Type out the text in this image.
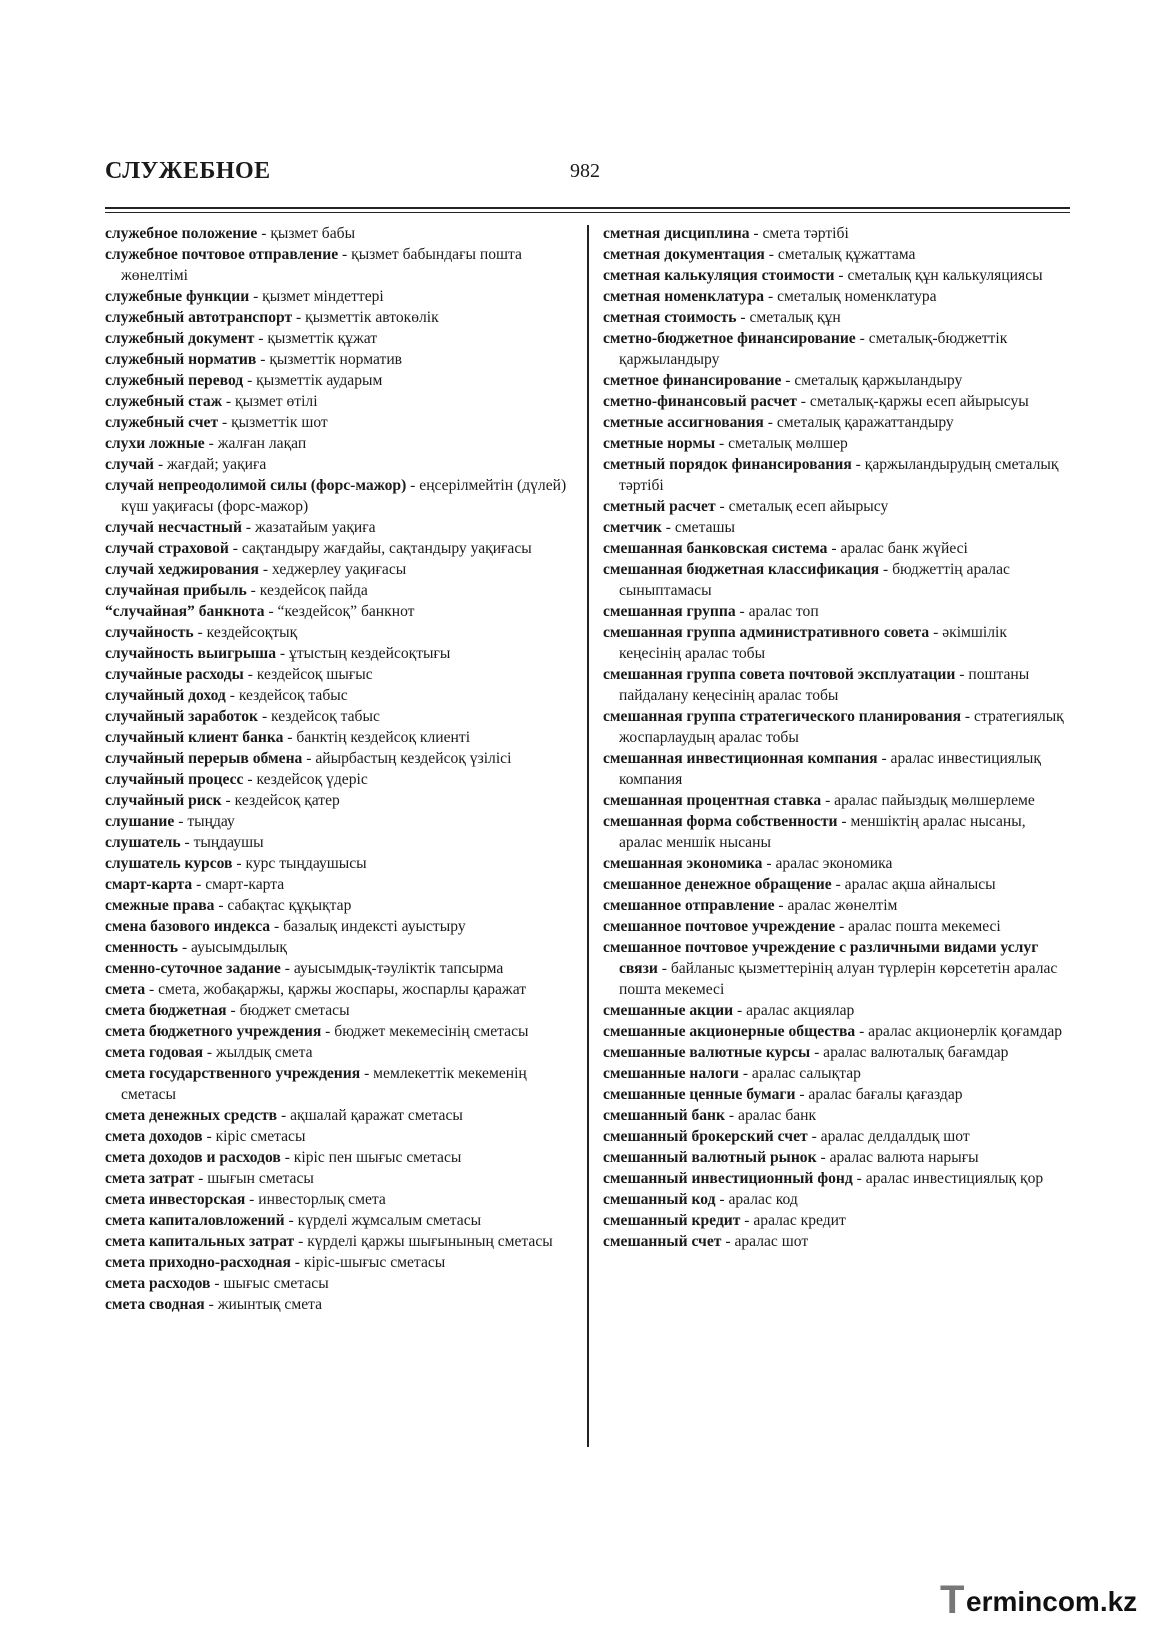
СЛУЖЕБНОЕ	982

служебное положение - қызмет бабы

служебное почтовое отправление - қызмет бабындағы пошта жөнелтімі

служебные функции - қызмет міндеттері

служебный автотранспорт - қызметтік автокөлік

служебный документ - қызметтік құжат

служебный норматив - қызметтік норматив

служебный перевод - қызметтік аударым

служебный стаж - қызмет өтілі

служебный счет - қызметтік шот

слухи ложные - жалған лақап

случай - жағдай; уақиға

случай непреодолимой силы (форс-мажор) - еңсерілмейтін (дүлей) күш уақиғасы (форс-мажор)

случай несчастный - жазатайым уақиға

случай страховой - сақтандыру жағдайы, сақтандыру уақиғасы

случай хеджирования - хеджерлеу уақиғасы

случайная прибыль - кездейсоқ пайда

“случайная” банкнота - “кездейсоқ” банкнот

случайность - кездейсоқтық

случайность выигрыша - ұтыстың кездейсоқтығы

случайные расходы - кездейсоқ шығыс

случайный доход - кездейсоқ табыс

случайный заработок - кездейсоқ табыс

случайный клиент банка - банктің кездейсоқ клиенті

случайный перерыв обмена - айырбастың кездейсоқ үзілісі

случайный процесс - кездейсоқ үдеріс

случайный риск - кездейсоқ қатер

слушание - тыңдау

слушатель - тыңдаушы

слушатель курсов - курс тыңдаушысы

смарт-карта - смарт-карта

смежные права - сабақтас құқықтар

смена базового индекса - базалық индексті ауыстыру

сменность - ауысымдылық

сменно-суточное задание - ауысымдық-тәуліктік тапсырма

смета - смета, жобақаржы, қаржы жоспары, жоспарлы қаражат

смета бюджетная - бюджет сметасы

смета бюджетного учреждения - бюджет мекемесінің сметасы

смета годовая - жылдық смета

смета государственного учреждения - мемлекеттік мекеменің сметасы

смета денежных средств - ақшалай қаражат сметасы

смета доходов - кіріс сметасы

смета доходов и расходов - кіріс пен шығыс сметасы

смета затрат - шығын сметасы

смета инвесторская - инвесторлық смета

смета капиталовложений - күрделі жұмсалым сметасы

смета капитальных затрат - күрделі қаржы шығынының сметасы

смета приходно-расходная - кіріс-шығыс сметасы

смета расходов - шығыс сметасы

смета сводная - жиынтық смета

сметная дисциплина - смета тәртібі

сметная документация - сметалық құжаттама

сметная калькуляция стоимости - сметалық құн калькуляциясы

сметная номенклатура - сметалық номенклатура

сметная стоимость - сметалық құн

сметно-бюджетное финансирование - сметалық-бюджеттік қаржыландыру

сметное финансирование - сметалық қаржыландыру

сметно-финансовый расчет - сметалық-қаржы есеп айырысуы

сметные ассигнования - сметалық қаражаттандыру

сметные нормы - сметалық мөлшер

сметный порядок финансирования - қаржыландырудың сметалық тәртібі

сметный расчет - сметалық есеп айырысу

сметчик - сметашы

смешанная банковская система - аралас банк жүйесі

смешанная бюджетная классификация - бюджеттің аралас сыныптамасы

смешанная группа - аралас топ

смешанная группа административного совета - әкімшілік кеңесінің аралас тобы

смешанная группа совета почтовой эксплуатации - поштаны пайдалану кеңесінің аралас тобы

смешанная группа стратегического планирования - стратегиялық жоспарлаудың аралас тобы

смешанная инвестиционная компания - аралас инвестициялық компания

смешанная процентная ставка - аралас пайыздық мөлшерлеме

смешанная форма собственности - меншіктің аралас нысаны, аралас меншік нысаны

смешанная экономика - аралас экономика

смешанное денежное обращение - аралас ақша айналысы

смешанное отправление - аралас жөнелтім

смешанное почтовое учреждение - аралас пошта мекемесі

смешанное почтовое учреждение с различными видами услуг связи - байланыс қызметтерінің алуан түрлерін көрсететін аралас пошта мекемесі

смешанные акции - аралас акциялар

смешанные акционерные общества - аралас акционерлік қоғамдар

смешанные валютные курсы - аралас валюталық бағамдар

смешанные налоги - аралас салықтар

смешанные ценные бумаги - аралас бағалы қағаздар

смешанный банк - аралас банк

смешанный брокерский счет - аралас делдалдық шот

смешанный валютный рынок - аралас валюта нарығы

смешанный инвестиционный фонд - аралас инвестициялық қор

смешанный код - аралас код

смешанный кредит - аралас кредит

смешанный счет - аралас шот

T ermincom.kz
